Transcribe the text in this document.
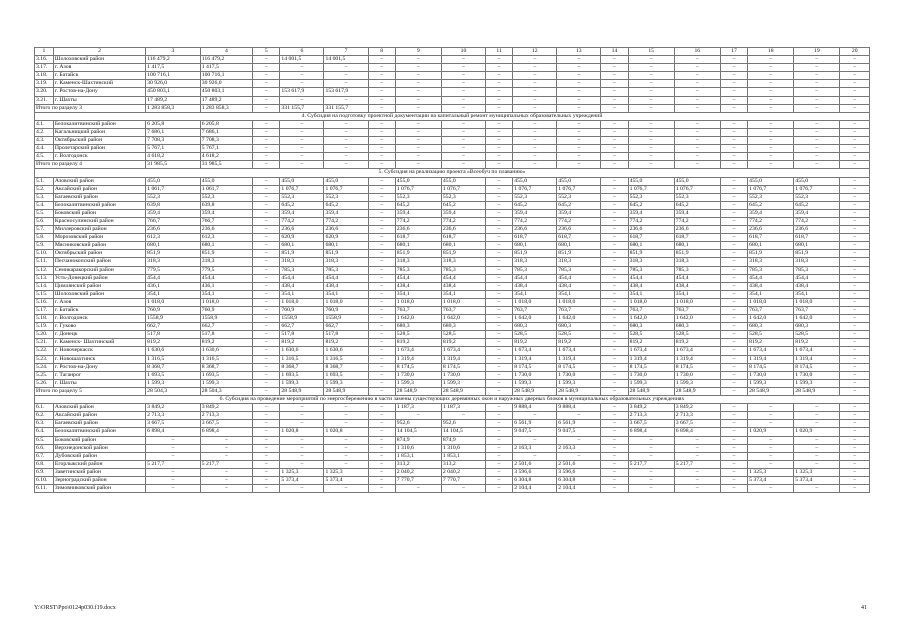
1	2	3	4	5	6	7	8	9	10	11	12	13	14	15	16	17	18	19	20
3.16.	Шолоховский район	116 479,2	116 479,2	–	14 001,5	14 001,5	–	–	–	–	–	–	–	–	–	–	–	–	–
3.17.	г. Азов	1 417,5	1 417,5	–	–	–	–	–	–	–	–	–	–	–	–	–	–	–	–
3.18.	г. Батайск	100 716,1	100 716,1	–	–	–	–	–	–	–	–	–	–	–	–	–	–	–	–
3.19.	г. Каменск-Шахтинский	30 926,0	30 926,0	–	–	–	–	–	–	–	–	–	–	–	–	–	–	–	–
3.20.	г. Ростов-на-Дону	450 803,1	450 803,1	–	153 617,9	153 617,9	–	–	–	–	–	–	–	–	–	–	–	–	–
3.21.	г. Шахты	17 489,2	17 489,2	–	–	–	–	–	–	–	–	–	–	–	–	–	–	–	–
Итого по разделу 3		1 283 858,3	1 283 858,3	–	331 155,7	331 155,7	–	–	–	–	–	–	–	–	–	–	–	–	–
4. Субсидия на подготовку проектной документации на капитальный ремонт муниципальных образовательных учреждений																			
4.1.	Белокалитвинский район	6 205,8	6 205,8	–	–	–	–	–	–	–	–	–	–	–	–	–	–	–	–
4.2.	Кагальницкий район	7 686,1	7 686,1	–	–	–	–	–	–	–	–	–	–	–	–	–	–	–	–
4.3.	Октябрьский район	7 708,3	7 708,3	–	–	–	–	–	–	–	–	–	–	–	–	–	–	–	–
4.4.	Пролетарский район	5 767,1	5 767,1	–	–	–	–	–	–	–	–	–	–	–	–	–	–	–	–
4.5.	г. Волгодонск	4 618,2	4 618,2	–	–	–	–	–	–	–	–	–	–	–	–	–	–	–	–
Итого по разделу 4		31 985,5	31 985,5	–	–	–	–	–	–	–	–	–	–	–	–	–	–	–	–
5. Субсидия на реализацию проекта «Всеобуч по плаванию»																			
5.1.	Азовский район	455,0	455,0	–	455,0	455,0	–	455,0	455,0	–	455,0	455,0	–	455,0	455,0	–	455,0	455,0	–
5.2.	Аксайский район	1 061,7	1 061,7	–	1 076,7	1 076,7	–	1 076,7	1 076,7	–	1 076,7	1 076,7	–	1 076,7	1 076,7	–	1 076,7	1 076,7	–
5.3.	Багаевский район	552,3	552,3	–	552,3	552,3	–	552,3	552,3	–	552,3	552,3	–	552,3	552,3	–	552,3	552,3	–
5.4.	Белокалитвинский район	639,8	639,8	–	645,2	645,2	–	645,2	645,2	–	645,2	645,2	–	645,2	645,2	–	645,2	645,2	–
5.5.	Боковский район	359,4	359,4	–	359,4	359,4	–	359,4	359,4	–	359,4	359,4	–	359,4	359,4	–	359,4	359,4	–
5.6.	Красносулинский район	766,7	766,7	–	774,2	774,2	–	774,2	774,2	–	774,2	774,2	–	774,2	774,2	–	774,2	774,2	–
5.7.	Миллеровский район	236,6	236,6	–	236,6	236,6	–	236,6	236,6	–	236,6	236,6	–	236,6	236,6	–	236,6	236,6	–
5.8.	Морозовский район	612,3	612,3	–	620,9	620,9	–	618,7	618,7	–	618,7	618,7	–	618,7	618,7	–	618,7	618,7	–
5.9.	Мясниковский район	680,1	680,1	–	680,1	680,1	–	680,1	680,1	–	680,1	680,1	–	680,1	680,1	–	680,1	680,1	–
5.10.	Октябрьский район	851,9	851,9	–	851,9	851,9	–	851,9	851,9	–	851,9	851,9	–	851,9	851,9	–	851,9	851,9	–
5.11.	Песчанокопский район	318,3	318,3	–	318,3	318,3	–	318,3	318,3	–	318,3	318,3	–	318,3	318,3	–	318,3	318,3	–
5.12.	Семикаракорский район	779,5	779,5	–	785,3	785,3	–	785,3	785,3	–	785,3	785,3	–	785,3	785,3	–	785,3	785,3	–
5.13.	Усть-Донецкий район	454,4	454,4	–	454,4	454,4	–	454,4	454,4	–	454,4	454,4	–	454,4	454,4	–	454,4	454,4	–
5.14.	Цимлянский район	436,1	436,1	–	438,4	438,4	–	438,4	438,4	–	438,4	438,4	–	438,4	438,4	–	438,4	438,4	–
5.15.	Шолоховский район	354,1	354,1	–	354,1	354,1	–	354,1	354,1	–	354,1	354,1	–	354,1	354,1	–	354,1	354,1	–
5.16.	г. Азов	1 018,0	1 018,0	–	1 018,0	1 018,0	–	1 018,0	1 018,0	–	1 018,0	1 018,0	–	1 018,0	1 018,0	–	1 018,0	1 018,0	–
5.17.	г. Батайск	760,9	760,9	–	760,9	760,9	–	763,7	763,7	–	763,7	763,7	–	763,7	763,7	–	763,7	763,7	–
5.18.	г. Волгодонск	1558,9	1558,9	–	1558,9	1558,9	–	1 642,0	1 642,0	–	1 642,0	1 642,0	–	1 642,0	1 642,0	–	1 642,0	1 642,0	–
5.19.	г. Гуково	662,7	662,7	–	662,7	662,7	–	680,3	680,3	–	680,3	680,3	–	680,3	680,3	–	680,3	680,3	–
5.20.	г. Донецк	517,8	517,8	–	517,8	517,8	–	528,5	528,5	–	528,5	528,5	–	528,5	528,5	–	528,5	528,5	–
5.21.	г. Каменск- Шахтинский	819,2	819,2	–	819,2	819,2	–	819,2	819,2	–	819,2	819,2	–	819,2	819,2	–	819,2	819,2	–
5.22.	г. Новочеркасск	1 630,6	1 630,6	–	1 630,6	1 630,6	–	1 673,4	1 673,4	–	1 673,4	1 673,4	–	1 673,4	1 673,4	–	1 673,4	1 673,4	–
5.23.	г. Новошахтинск	1 316,5	1 316,5	–	1 316,5	1 316,5	–	1 319,4	1 319,4	–	1 319,4	1 319,4	–	1 319,4	1 319,4	–	1 319,4	1 319,4	–
5.24.	г. Ростов-на-Дону	8 368,7	8 368,7	–	8 368,7	8 368,7	–	8 174,5	8 174,5	–	8 174,5	8 174,5	–	8 174,5	8 174,5	–	8 174,5	8 174,5	–
5.25.	г. Таганрог	1 693,5	1 693,5	–	1 693,5	1 693,5	–	1 730,0	1 730,0	–	1 730,0	1 730,0	–	1 730,0	1 730,0	–	1 730,0	1 730,0	–
5.26.	г. Шахты	1 599,3	1 599,3	–	1 599,3	1 599,3	–	1 599,3	1 599,3	–	1 599,3	1 599,3	–	1 599,3	1 599,3	–	1 599,3	1 599,3	–
Итого по разделу 5		28 504,3	28 504,3	–	28 548,9	28 548,9	–	28 548,9	28 548,9	–	28 548,9	28 548,9	–	28 548,9	28 548,9	–	28 548,9	28 548,9	–
6. Субсидия на проведение мероприятий по энергосбережению в части замены существующих деревянных окон и наружных дверных блоков в муниципальных образовательных учреждениях																			
6.1.	Азовский район	3 849,2	3 849,2	–	–	–	–	1 187,3	1 187,3	–	9 888,4	9 888,4	–	3 849,2	3 849,2	–	–	–	–
6.2.	Аксайский район	2 713,3	2 713,3	–	–	–	–	–	–	–	–	–	–	2 713,3	2 713,3	–	–	–	–
6.3.	Багаевский район	3 667,5	3 667,5	–	–	–	–	952,6	952,6	–	6 561,9	6 561,9	–	3 667,5	3 667,5	–	–	–	–
6.4.	Белокалитвинский район	6 898,4	6 898,4	–	1 020,8	1 020,8	–	14 104,5	14 104,5	–	9 047,5	9 047,5	–	6 898,4	6 898,4	–	1 020,9	1 020,9	–
6.5.	Боковский район	–	–	–	–	–	–	874,9	874,9	–	–	–	–	–	–	–	–	–	–
6.6.	Верхнедонской район	–	–	–	–	–	–	1 310,6	1 310,6	–	2 163,3	2 163,3	–	–	–	–	–	–	–
6.7.	Дубовский район	–	–	–	–	–	–	1 853,1	1 853,1	–	–	–	–	–	–	–	–	–	–
6.8.	Егорлыкский район	5 217,7	5 217,7	–	–	–	–	313,2	313,2	–	2 501,6	2 501,6	–	5 217,7	5 217,7	–	–	–	–
6.9.	Заветинский район	–	–	–	1 325,3	1 325,3	–	2 040,2	2 040,2	–	3 596,6	3 596,6	–	–	–	–	1 325,3	1 325,3	–
6.10.	Зерноградский район	–	–	–	5 373,4	5 373,4	–	7 770,7	7 770,7	–	6 304,8	6 304,8	–	–	–	–	5 373,4	5 373,4	–
6.11.	Зимовниковский район	–	–	–	–	–	–	–	–	–	2 104,4	2 104,4	–	–	–	–	–	–	–
Y:\ORST\Ppo\0124p030.f19.docx	41
